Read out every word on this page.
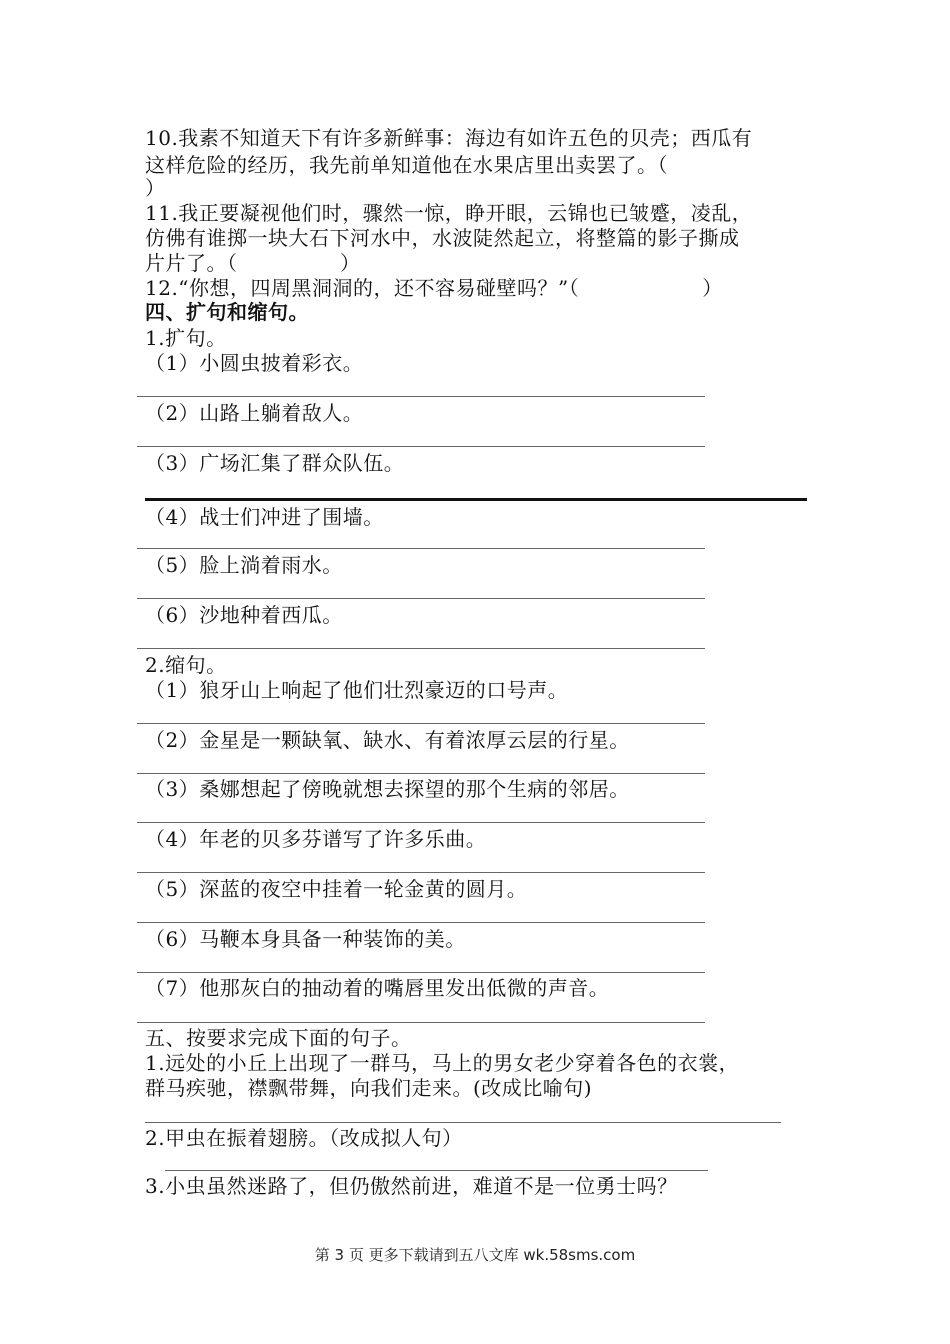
10.我素不知道天下有许多新鲜事：海边有如许五色的贝壳；西瓜有
这样危险的经历，我先前单知道他在水果店里出卖罢了。（
）
11.我正要凝视他们时，骤然一惊，睁开眼，云锦也已皱蹙，凌乱，
仿佛有谁掷一块大石下河水中，水波陡然起立，将整篇的影子撕成
片片了。（　　　　　）
12.“你想，四周黑洞洞的，还不容易碰壁吗？”（　　　　　　）
四、扩句和缩句。
1.扩句。
（1）小圆虫披着彩衣。
（2）山路上躺着敌人。
（3）广场汇集了群众队伍。
（4）战士们冲进了围墙。
（5）脸上淌着雨水。
（6）沙地种着西瓜。
2.缩句。
（1）狼牙山上响起了他们壮烈豪迈的口号声。
（2）金星是一颗缺氧、缺水、有着浓厚云层的行星。
（3）桑娜想起了傍晚就想去探望的那个生病的邻居。
（4）年老的贝多芬谱写了许多乐曲。
（5）深蓝的夜空中挂着一轮金黄的圆月。
（6）马鞭本身具备一种装饰的美。
（7）他那灰白的抽动着的嘴唇里发出低微的声音。
五、按要求完成下面的句子。
1.远处的小丘上出现了一群马，马上的男女老少穿着各色的衣裳，
群马疾驰，襟飘带舞，向我们走来。(改成比喻句)
2.甲虫在振着翅膀。（改成拟人句）
3.小虫虽然迷路了，但仍傲然前进，难道不是一位勇士吗？
第 3 页 更多下载请到五八文库 wk.58sms.com
